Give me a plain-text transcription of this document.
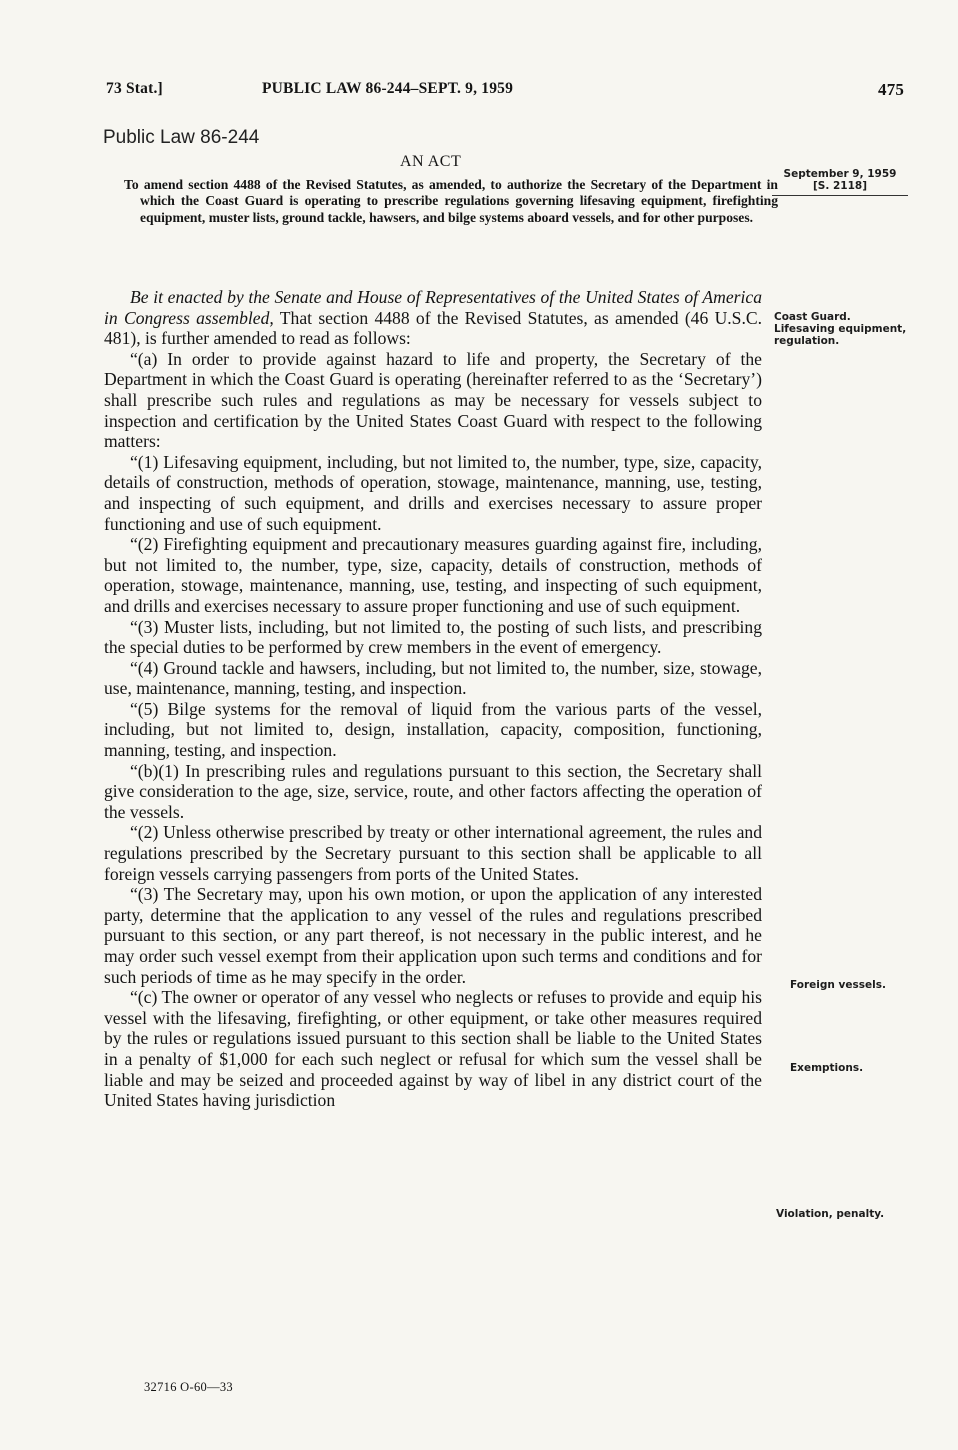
73 Stat.]	PUBLIC LAW 86-244–SEPT. 9, 1959	475
Public Law 86-244
AN ACT
To amend section 4488 of the Revised Statutes, as amended, to authorize the Secretary of the Department in which the Coast Guard is operating to prescribe regulations governing lifesaving equipment, firefighting equipment, muster lists, ground tackle, hawsers, and bilge systems aboard vessels, and for other purposes.
September 9, 1959
[S. 2118]
Coast Guard.
Lifesaving equipment, regulation.
Foreign vessels.
Exemptions.
Violation, penalty.

Be it enacted by the Senate and House of Representatives of the United States of America in Congress assembled, That section 4488 of the Revised Statutes, as amended (46 U.S.C. 481), is further amended to read as follows:

“(a) In order to provide against hazard to life and property, the Secretary of the Department in which the Coast Guard is operating (hereinafter referred to as the ‘Secretary’) shall prescribe such rules and regulations as may be necessary for vessels subject to inspection and certification by the United States Coast Guard with respect to the following matters:

“(1) Lifesaving equipment, including, but not limited to, the number, type, size, capacity, details of construction, methods of operation, stowage, maintenance, manning, use, testing, and inspecting of such equipment, and drills and exercises necessary to assure proper functioning and use of such equipment.

“(2) Firefighting equipment and precautionary measures guarding against fire, including, but not limited to, the number, type, size, capacity, details of construction, methods of operation, stowage, maintenance, manning, use, testing, and inspecting of such equipment, and drills and exercises necessary to assure proper functioning and use of such equipment.

“(3) Muster lists, including, but not limited to, the posting of such lists, and prescribing the special duties to be performed by crew members in the event of emergency.

“(4) Ground tackle and hawsers, including, but not limited to, the number, size, stowage, use, maintenance, manning, testing, and inspection.

“(5) Bilge systems for the removal of liquid from the various parts of the vessel, including, but not limited to, design, installation, capacity, composition, functioning, manning, testing, and inspection.

“(b)(1) In prescribing rules and regulations pursuant to this section, the Secretary shall give consideration to the age, size, service, route, and other factors affecting the operation of the vessels.

“(2) Unless otherwise prescribed by treaty or other international agreement, the rules and regulations prescribed by the Secretary pursuant to this section shall be applicable to all foreign vessels carrying passengers from ports of the United States.

“(3) The Secretary may, upon his own motion, or upon the application of any interested party, determine that the application to any vessel of the rules and regulations prescribed pursuant to this section, or any part thereof, is not necessary in the public interest, and he may order such vessel exempt from their application upon such terms and conditions and for such periods of time as he may specify in the order.

“(c) The owner or operator of any vessel who neglects or refuses to provide and equip his vessel with the lifesaving, firefighting, or other equipment, or take other measures required by the rules or regulations issued pursuant to this section shall be liable to the United States in a penalty of $1,000 for each such neglect or refusal for which sum the vessel shall be liable and may be seized and proceeded against by way of libel in any district court of the United States having jurisdiction

32716 O-60—33
